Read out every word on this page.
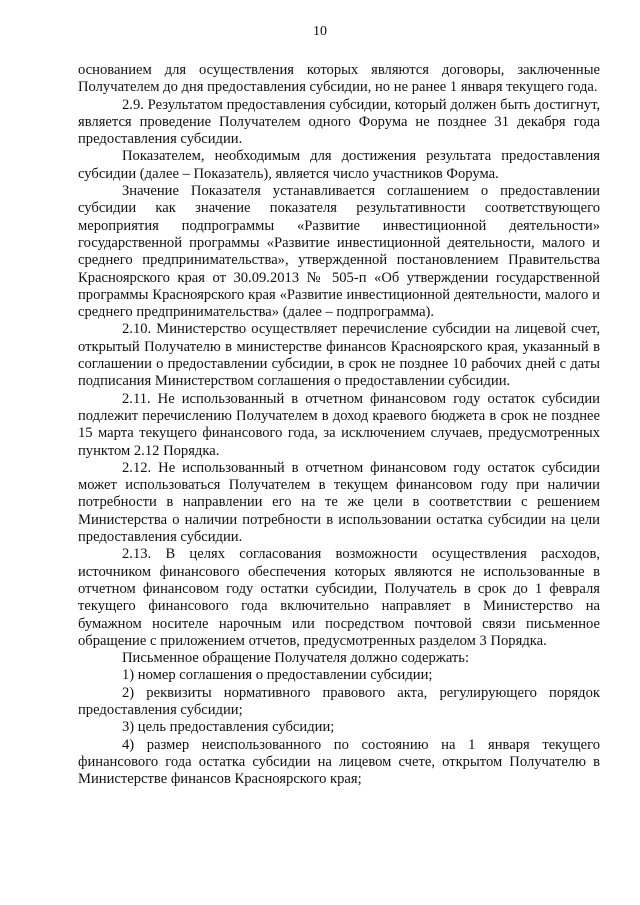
10

основанием для осуществления которых являются договоры, заключенные Получателем до дня предоставления субсидии, но не ранее 1 января текущего года.

2.9. Результатом предоставления субсидии, который должен быть достигнут, является проведение Получателем одного Форума не позднее 31 декабря года предоставления субсидии.

Показателем, необходимым для достижения результата предоставления субсидии (далее – Показатель), является число участников Форума.

Значение Показателя устанавливается соглашением о предоставлении субсидии как значение показателя результативности соответствующего мероприятия подпрограммы «Развитие инвестиционной деятельности» государственной программы «Развитие инвестиционной деятельности, малого и среднего предпринимательства», утвержденной постановлением Правительства Красноярского края от 30.09.2013 № 505-п «Об утверждении государственной программы Красноярского края «Развитие инвестиционной деятельности, малого и среднего предпринимательства» (далее – подпрограмма).

2.10. Министерство осуществляет перечисление субсидии на лицевой счет, открытый Получателю в министерстве финансов Красноярского края, указанный в соглашении о предоставлении субсидии, в срок не позднее 10 рабочих дней с даты подписания Министерством соглашения о предоставлении субсидии.

2.11. Не использованный в отчетном финансовом году остаток субсидии подлежит перечислению Получателем в доход краевого бюджета в срок не позднее 15 марта текущего финансового года, за исключением случаев, предусмотренных пунктом 2.12 Порядка.

2.12. Не использованный в отчетном финансовом году остаток субсидии может использоваться Получателем в текущем финансовом году при наличии потребности в направлении его на те же цели в соответствии с решением Министерства о наличии потребности в использовании остатка субсидии на цели предоставления субсидии.

2.13. В целях согласования возможности осуществления расходов, источником финансового обеспечения которых являются не использованные в отчетном финансовом году остатки субсидии, Получатель в срок до 1 февраля текущего финансового года включительно направляет в Министерство на бумажном носителе нарочным или посредством почтовой связи письменное обращение с приложением отчетов, предусмотренных разделом 3 Порядка.

Письменное обращение Получателя должно содержать:

1) номер соглашения о предоставлении субсидии;

2) реквизиты нормативного правового акта, регулирующего порядок предоставления субсидии;

3) цель предоставления субсидии;

4) размер неиспользованного по состоянию на 1 января текущего финансового года остатка субсидии на лицевом счете, открытом Получателю в Министерстве финансов Красноярского края;
